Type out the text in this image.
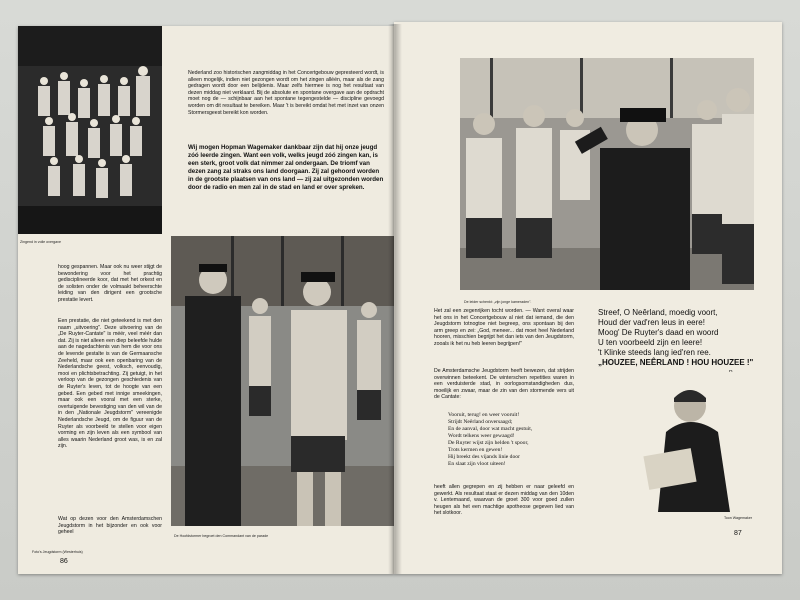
Zingend in volle overgave
Nederland zoo historischen zangmiddag in het Concertgebouw gepresteerd wordt, is alleen mogelijk, indien niet gezongen wordt om het zingen alléén, maar als de zang gedragen wordt door een belijdenis. Maar zelfs hiermee is nog het resultaat van dezen middag niet verklaard. Bij de absolute en spontane overgave aan de opdracht moet nog de — schijnbaar aan het spontane tegengestelde — discipline gevoegd worden om dit resultaat te bereiken. Maar 't is bereikt omdat het met inzet van onzen Stormersgeest bereikt kon worden.
Wij mogen Hopman Wagemaker dankbaar zijn dat hij onze jeugd zóó leerde zingen. Want een volk, welks jeugd zóó zingen kan, is een sterk, groot volk dat nimmer zal ondergaan. De triomf van dezen zang zal straks ons land doorgaan. Zij zal gehoord worden in de grootste plaatsen van ons land — zij zal uitgezonden worden door de radio en men zal in de stad en land er over spreken.
Foto's Jeugdstorm (Westerhuis)
De Hoofdstormer begroet den Commandant van de parade
hoog gespannen. Maar ook nu weer stijgt de bewondering voor het prachtig gedisciplineerde koor, dat met het orkest en de solisten onder de volmaakt beheerschte leiding van den dirigent een grootsche prestatie levert.
Een prestatie, die niet geteekend is met den naam „uitvoering". Deze uitvoering van de „De Ruyter-Cantate" is méér, veel méér dan dat. Zij is niet alleen een diep beleefde hulde aan de nagedachtenis van hem die voor ons de levende gestalte is van de Germaansche Zeeheld, maar ook een openbaring van de Nederlandsche geest, volksch, eenvoudig, mooi en plichtsbetrachting. Zij getuigt, in het verloop van de gezongen geschiedenis van de Ruyter's leven, tot de hoogte van een gebed. Een gebed met innige smeekingen, maar ook een vooral met een sterke, overtuigende bevestiging van den wil van de in den „Nationale Jeugdstorm" vereenigde Nederlandsche Jeugd, om de figuur van de Ruyter als voorbeeld te stellen voor eigen vorming en zijn leven als een symbool van alles waarin Nederland groot was, is en zal zijn.
Wat op dezen voor den Amsterdamschen Jeugdstorm in het bijzonder en ook voor geheel
86
De leider schenkt: „zijn jonge kameraden".
Het zal een zegenrijken tocht worden. — Want overal waar het ons in het Concertgebouw al niet dat iemand, die den Jeugdstorm totnogtoe niet begreep, ons spontaan bij den arm greep en zei: „God, meneer... dat moet heel Nederland hooren, misschien begrijpt het dan iets van den Jeugdstorm, zooals ik het nu heb leeren begrijpen!"
De Amsterdamsche Jeugdstorm heeft bewezen, dat strijden overwinnen beteekent. De winterschen repetities waren in een verduisterde stad, in oorlogsomstandigheden dus, moeilijk en zwaar, maar de zin van den stormende vers uit de Cantate:
Vooruit, terug! en weer vooruit!
Strijdt Neêrland onversaagd;
En de aanval, door wat macht gestuit,
Wordt telkens weer gewaagd!
De Ruyter wijst zijn helden 't spoor,
Trots kermen en gewen!
Hij breekt des vijands linie door
En slaat zijn vloot uiteen!
heeft allen gegrepen en zij hebben er naar geleefd en gewerkt. Als resultaat staat er dezen middag van den 10den v. Lentemaand, waarvan de groet 300 voor goed zullen heugen als het een machtige apotheose gegeven lied van het slotkoor.
Streef, O Neêrland, moedig voort,
Houd der vad'ren leus in eere!
Moog' De Ruyter's daad en woord
U ten voorbeeld zijn en leere!
't Klinke steeds lang ied'ren ree.
„HOUZEE, NEÊRLAND ! HOU HOUZEE !"
Toon Wagemaker
87
